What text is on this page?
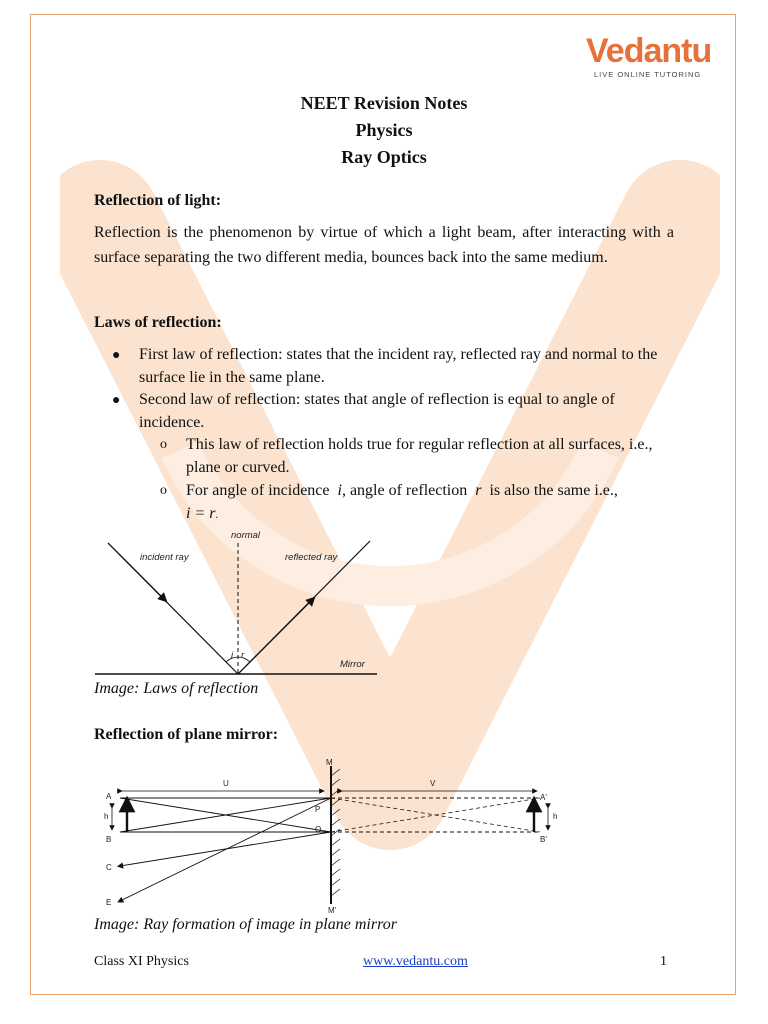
Vedantu
LIVE ONLINE TUTORING
NEET Revision Notes
Physics
Ray Optics
Reflection of light:
Reflection is the phenomenon by virtue of which a light beam, after interacting with a surface separating the two different media, bounces back into the same medium.
Laws of reflection:
● First law of reflection: states that the incident ray, reflected ray and normal to the surface lie in the same plane.
● Second law of reflection: states that angle of reflection is equal to angle of incidence.
o This law of reflection holds true for regular reflection at all surfaces, i.e., plane or curved.
o For angle of incidence i, angle of reflection r is also the same i.e.,
i = r.
normal
incident ray	reflected ray
Mirror
i r
Image: Laws of reflection
Reflection of plane mirror:
M
M'
U	V
A
h
B
C
E
P
O
A'
h
B'
Image: Ray formation of image in plane mirror
Class XI Physics	www.vedantu.com	1
